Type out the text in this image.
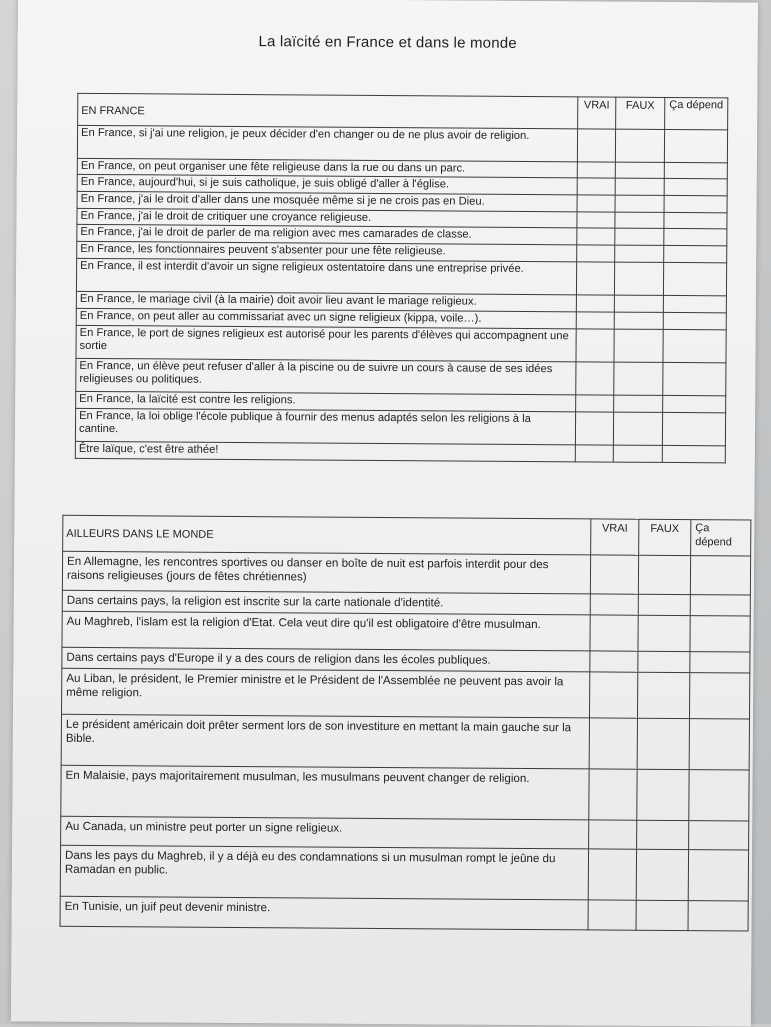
La laïcité en France et dans le monde
EN FRANCE	VRAI	FAUX	Ça dépend
En France, si j'ai une religion, je peux décider d'en changer ou de ne plus avoir de religion.			
En France, on peut organiser une fête religieuse dans la rue ou dans un parc.			
En France, aujourd'hui, si je suis catholique, je suis obligé d'aller à l'église.			
En France, j'ai le droit d'aller dans une mosquée même si je ne crois pas en Dieu.			
En France, j'ai le droit de critiquer une croyance religieuse.			
En France, j'ai le droit de parler de ma religion avec mes camarades de classe.			
En France, les fonctionnaires peuvent s'absenter pour une fête religieuse.			
En France, il est interdit d'avoir un signe religieux ostentatoire dans une entreprise privée.			
En France, le mariage civil (à la mairie) doit avoir lieu avant le mariage religieux.			
En France, on peut aller au commissariat avec un signe religieux (kippa, voile…).			
En France, le port de signes religieux est autorisé pour les parents d'élèves qui accompagnent une sortie			
En France, un élève peut refuser d'aller à la piscine ou de suivre un cours à cause de ses idées religieuses ou politiques.			
En France, la laïcité est contre les religions.			
En France, la loi oblige l'école publique à fournir des menus adaptés selon les religions à la cantine.			
Être laïque, c'est être athée!			
AILLEURS DANS LE MONDE	VRAI	FAUX	Ça dépend
En Allemagne, les rencontres sportives ou danser en boîte de nuit est parfois interdit pour des raisons religieuses (jours de fêtes chrétiennes)			
Dans certains pays, la religion est inscrite sur la carte nationale d'identité.			
Au Maghreb, l'islam est la religion d'Etat. Cela veut dire qu'il est obligatoire d'être musulman.			
Dans certains pays d'Europe il y a des cours de religion dans les écoles publiques.			
Au Liban, le président, le Premier ministre et le Président de l'Assemblée ne peuvent pas avoir la même religion.			
Le président américain doit prêter serment lors de son investiture en mettant la main gauche sur la Bible.			
En Malaisie, pays majoritairement musulman, les musulmans peuvent changer de religion.			
Au Canada, un ministre peut porter un signe religieux.			
Dans les pays du Maghreb, il y a déjà eu des condamnations si un musulman rompt le jeûne du Ramadan en public.			
En Tunisie, un juif peut devenir ministre.			
